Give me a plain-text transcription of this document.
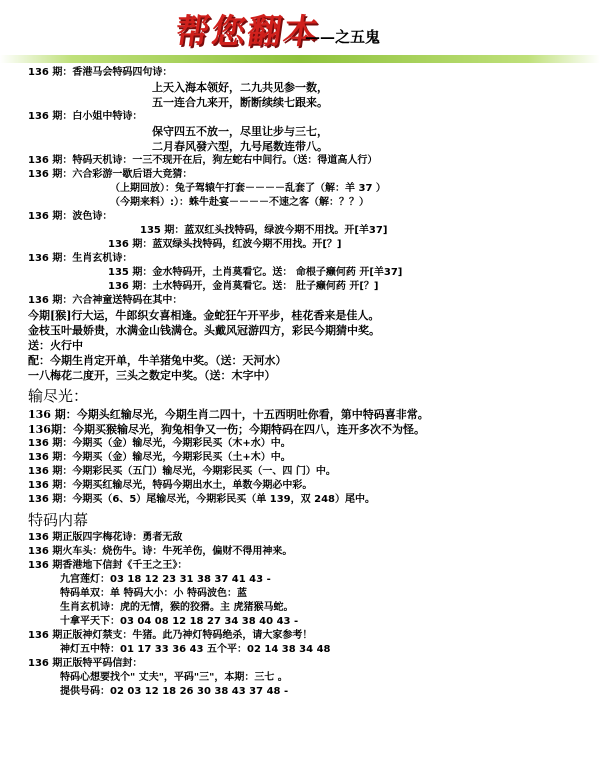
帮您翻本
——之五鬼
136 期：香港马会特码四句诗：
上天入海本领好，二九共见参一数，
五一连合九来开，断断续续七跟来。
136 期：白小姐中特诗：
保守四五不放一，尽里让步与三七，
二月春风發六型，九号尾数连带八。
136 期：特码天机诗：一三不现开在后，狗左蛇右中间行。（送：得道高人行）
136 期：六合彩游一歇后语大竞猜：
（上期回放）：兔子驾辕午打套－－－－乱套了（解：羊 37 ）
（今期来料）:）：蛛牛赴宴－－－－不速之客（解：？？）
136 期：波色诗：
135 期：蓝双红头找特码，绿波今期不用找。开[羊37]
136 期：蓝双绿头找特码，红波今期不用找。开[？]
136 期：生肖玄机诗：
135 期：金水特码开，土肖莫看它。送： 命根子癞何药 开[羊37]
136 期：土水特码开，金肖莫看它。送： 肚子癞何药 开[？]
136 期：六合神童送特码在其中：
今期[猴]行大运，牛郎织女喜相逢。金蛇狂午开平步，桂花香来是佳人。
金枝玉叶最娇贵，水满金山钱满仓。头戴风冠游四方，彩民今期猜中奖。
送：火行中
配：今期生肖定开单，牛羊猪兔中奖。（送：天河水）
一八梅花二度开，三头之数定中奖。（送：木字中）
输尽光：
136 期：今期头红输尽光，今期生肖二四十，十五西明吐你看，第中特码喜非常。
136期：今期买猴输尽光，狗兔相争又一伤；今期特码在四八，连开多次不为怪。
136 期：今期买（金）输尽光，今期彩民买（木+水）中。
136 期：今期买（金）输尽光，今期彩民买（土+木）中。
136 期：今期彩民买（五门）输尽光，今期彩民买（一、四 门）中。
136 期：今期买红输尽光，特码今期出水土，单数今期必中彩。
136 期：今期买（6、5）尾输尽光，今期彩民买（单 139，双 248）尾中。
特码内幕
136 期正版四字梅花诗：勇者无敌
136 期火车头：烧伤牛。诗：牛死羊伤，偏财不得用神来。
136 期香港地下信封《千王之王》：
九宫莲灯：03 18 12 23 31 38 37 41 43 -
特码单双：单 特码大小：小 特码波色：蓝
生肖玄机诗：虎的无情，猴的狡猾。主 虎猪猴马蛇。
十拿平天下：03 04 08 12 18 27 34 38 40 43 -
136 期正版神灯禁支：牛猪。此乃神灯特码绝杀，请大家参考！
神灯五中特：01 17 33 36 43 五个平：02 14 38 34 48
136 期正版特平码信封：
特码心想要找个" 丈夫"，平码"三"，本期：三七 。
提供号码：02 03 12 18 26 30 38 43 37 48 -
